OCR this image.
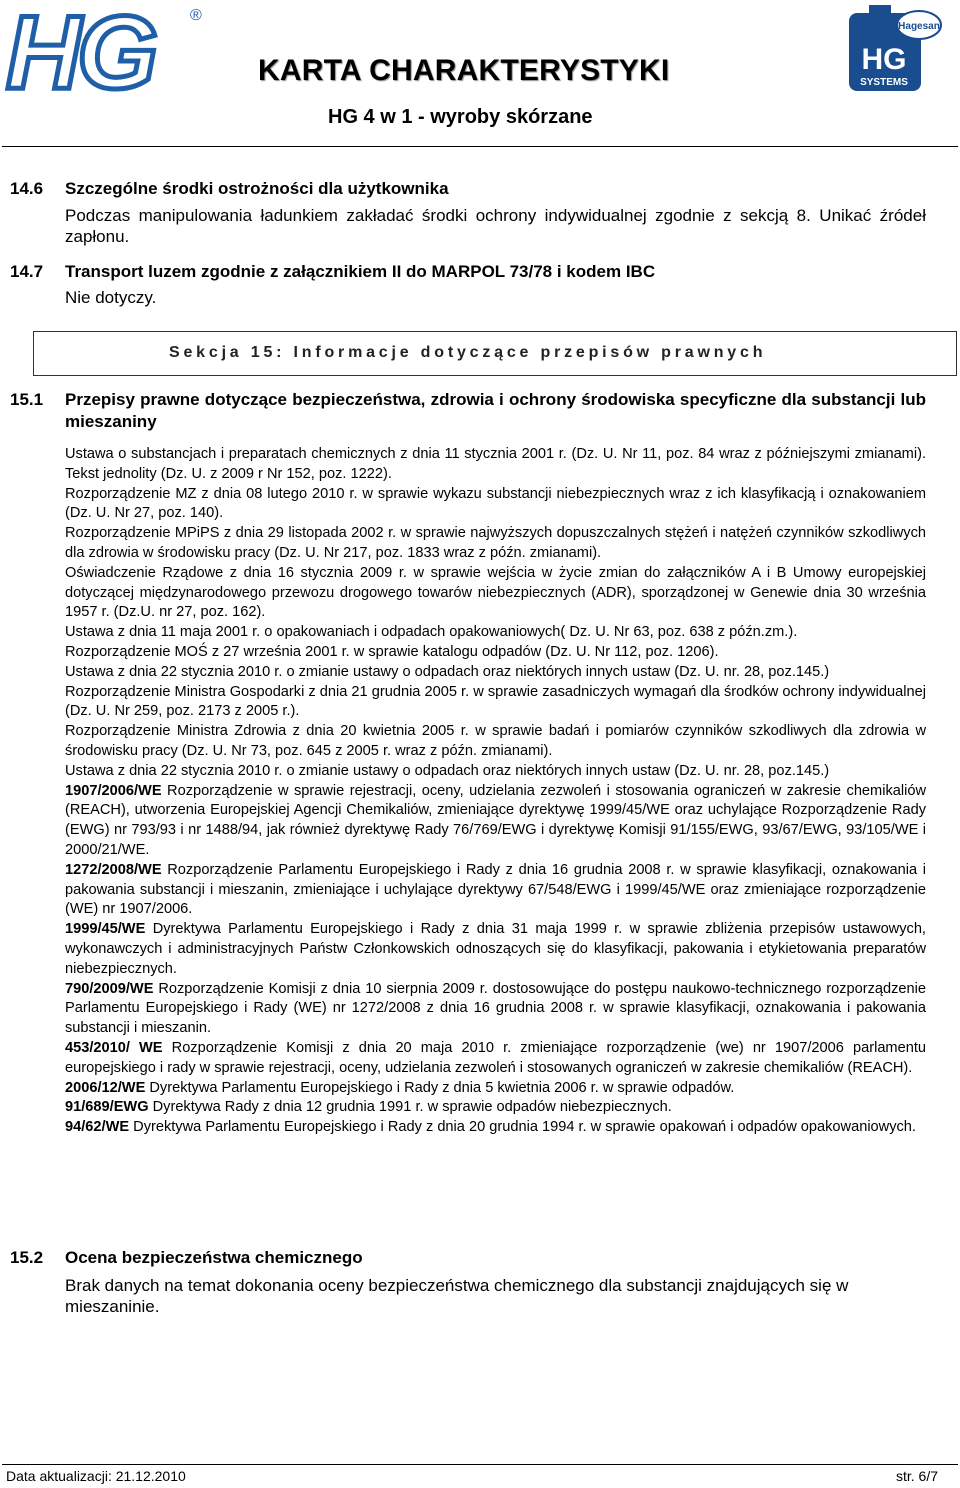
HG ®
Hagesan
HG
SYSTEMS
KARTA CHARAKTERYSTYKI
HG 4 w 1 - wyroby skórzane
14.6 Szczególne środki ostrożności dla użytkownika
Podczas manipulowania ładunkiem zakładać środki ochrony indywidualnej zgodnie z sekcją 8. Unikać źródeł zapłonu.
14.7 Transport luzem zgodnie z załącznikiem II do MARPOL 73/78 i kodem IBC
Nie dotyczy.
Sekcja 15: Informacje dotyczące przepisów prawnych
15.1	Przepisy prawne dotyczące bezpieczeństwa, zdrowia i ochrony środowiska specyficzne dla substancji lub mieszaniny

Ustawa o substancjach i preparatach chemicznych z dnia 11 stycznia 2001 r. (Dz. U. Nr 11, poz. 84 wraz z późniejszymi zmianami). Tekst jednolity (Dz. U. z 2009 r Nr 152, poz. 1222).

Rozporządzenie MZ z dnia 08 lutego 2010 r. w sprawie wykazu substancji niebezpiecznych wraz z ich klasyfikacją i oznakowaniem (Dz. U. Nr 27, poz. 140).

Rozporządzenie MPiPS z dnia 29 listopada 2002 r. w sprawie najwyższych dopuszczalnych stężeń i natężeń czynników szkodliwych dla zdrowia w środowisku pracy (Dz. U. Nr 217, poz. 1833 wraz z późn. zmianami).

Oświadczenie Rządowe z dnia 16 stycznia 2009 r. w sprawie wejścia w życie zmian do załączników A i B Umowy europejskiej dotyczącej międzynarodowego przewozu drogowego towarów niebezpiecznych (ADR), sporządzonej w Genewie dnia 30 września 1957 r. (Dz.U. nr 27, poz. 162).

Ustawa z dnia 11 maja 2001 r. o opakowaniach i odpadach opakowaniowych( Dz. U. Nr 63, poz. 638 z późn.zm.).

Rozporządzenie MOŚ z 27 września 2001 r. w sprawie katalogu odpadów (Dz. U. Nr 112, poz. 1206).

Ustawa z dnia 22 stycznia 2010 r. o zmianie ustawy o odpadach oraz niektórych innych ustaw (Dz. U. nr. 28, poz.145.)

Rozporządzenie Ministra Gospodarki z dnia 21 grudnia 2005 r. w sprawie zasadniczych wymagań dla środków ochrony indywidualnej (Dz. U. Nr 259, poz. 2173 z 2005 r.).

Rozporządzenie Ministra Zdrowia z dnia 20 kwietnia 2005 r. w sprawie badań i pomiarów czynników szkodliwych dla zdrowia w środowisku pracy (Dz. U. Nr 73, poz. 645 z 2005 r. wraz z późn. zmianami).

Ustawa z dnia 22 stycznia 2010 r. o zmianie ustawy o odpadach oraz niektórych innych ustaw (Dz. U. nr. 28, poz.145.)

1907/2006/WE Rozporządzenie w sprawie rejestracji, oceny, udzielania zezwoleń i stosowania ograniczeń w zakresie chemikaliów (REACH), utworzenia Europejskiej Agencji Chemikaliów, zmieniające dyrektywę 1999/45/WE oraz uchylające Rozporządzenie Rady (EWG) nr 793/93 i nr 1488/94, jak również dyrektywę Rady 76/769/EWG i dyrektywę Komisji 91/155/EWG, 93/67/EWG, 93/105/WE i 2000/21/WE.

1272/2008/WE Rozporządzenie Parlamentu Europejskiego i Rady z dnia 16 grudnia 2008 r. w sprawie klasyfikacji, oznakowania i pakowania substancji i mieszanin, zmieniające i uchylające dyrektywy 67/548/EWG i 1999/45/WE oraz zmieniające rozporządzenie (WE) nr 1907/2006.

1999/45/WE Dyrektywa Parlamentu Europejskiego i Rady z dnia 31 maja 1999 r. w sprawie zbliżenia przepisów ustawowych, wykonawczych i administracyjnych Państw Członkowskich odnoszących się do klasyfikacji, pakowania i etykietowania preparatów niebezpiecznych.

790/2009/WE Rozporządzenie Komisji z dnia 10 sierpnia 2009 r. dostosowujące do postępu naukowo-technicznego rozporządzenie Parlamentu Europejskiego i Rady (WE) nr 1272/2008 z dnia 16 grudnia 2008 r. w sprawie klasyfikacji, oznakowania i pakowania substancji i mieszanin.

453/2010/ WE Rozporządzenie Komisji z dnia 20 maja 2010 r. zmieniające rozporządzenie (we) nr 1907/2006 parlamentu europejskiego i rady w sprawie rejestracji, oceny, udzielania zezwoleń i stosowanych ograniczeń w zakresie chemikaliów (REACH).

2006/12/WE Dyrektywa Parlamentu Europejskiego i Rady z dnia 5 kwietnia 2006 r. w sprawie odpadów.

91/689/EWG Dyrektywa Rady z dnia 12 grudnia 1991 r. w sprawie odpadów niebezpiecznych.

94/62/WE Dyrektywa Parlamentu Europejskiego i Rady z dnia 20 grudnia 1994 r. w sprawie opakowań i odpadów opakowaniowych.

15.2 Ocena bezpieczeństwa chemicznego
Brak danych na temat dokonania oceny bezpieczeństwa chemicznego dla substancji znajdujących się w mieszaninie.
Data aktualizacji: 21.12.2010	str. 6/7
